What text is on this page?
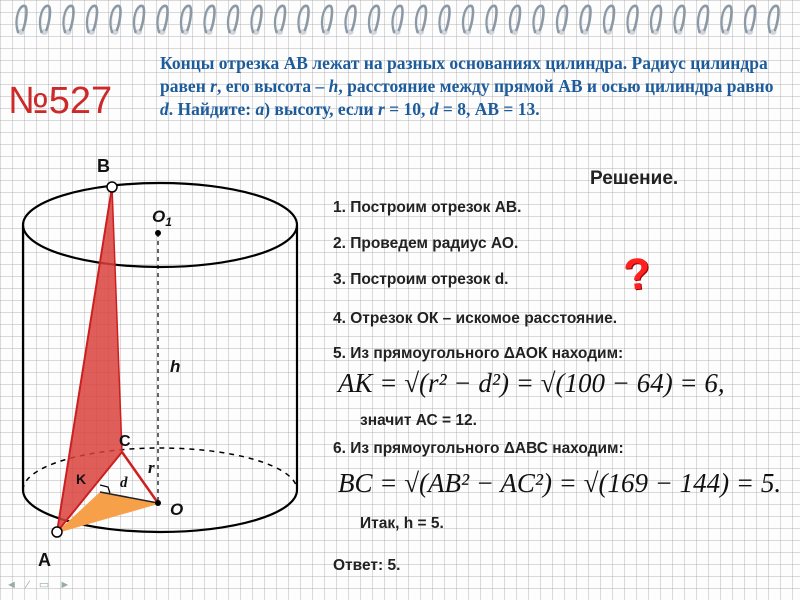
№527

Концы отрезка АВ лежат на разных основаниях цилиндра. Радиус цилиндра равен r, его высота – h, расстояние между прямой АВ и осью цилиндра равно d. Найдите: а) высоту, если r = 10, d = 8, АВ = 13.

B
A
$O_1$
O
C
K
h
r
d
Решение.
1. Построим отрезок АВ.
2. Проведем радиус АО.
3. Построим отрезок d.
4. Отрезок ОК – искомое расстояние.
5. Из прямоугольного ΔАОК находим:
AK = √(r² − d²) = √(100 − 64) = 6,
значит АС = 12.
6. Из прямоугольного ΔАВС находим:
BC = √(AB² − AC²) = √(169 − 144) = 5.
Итак, h = 5.
Ответ: 5.
?
◄ ⁄ ▭ ►
